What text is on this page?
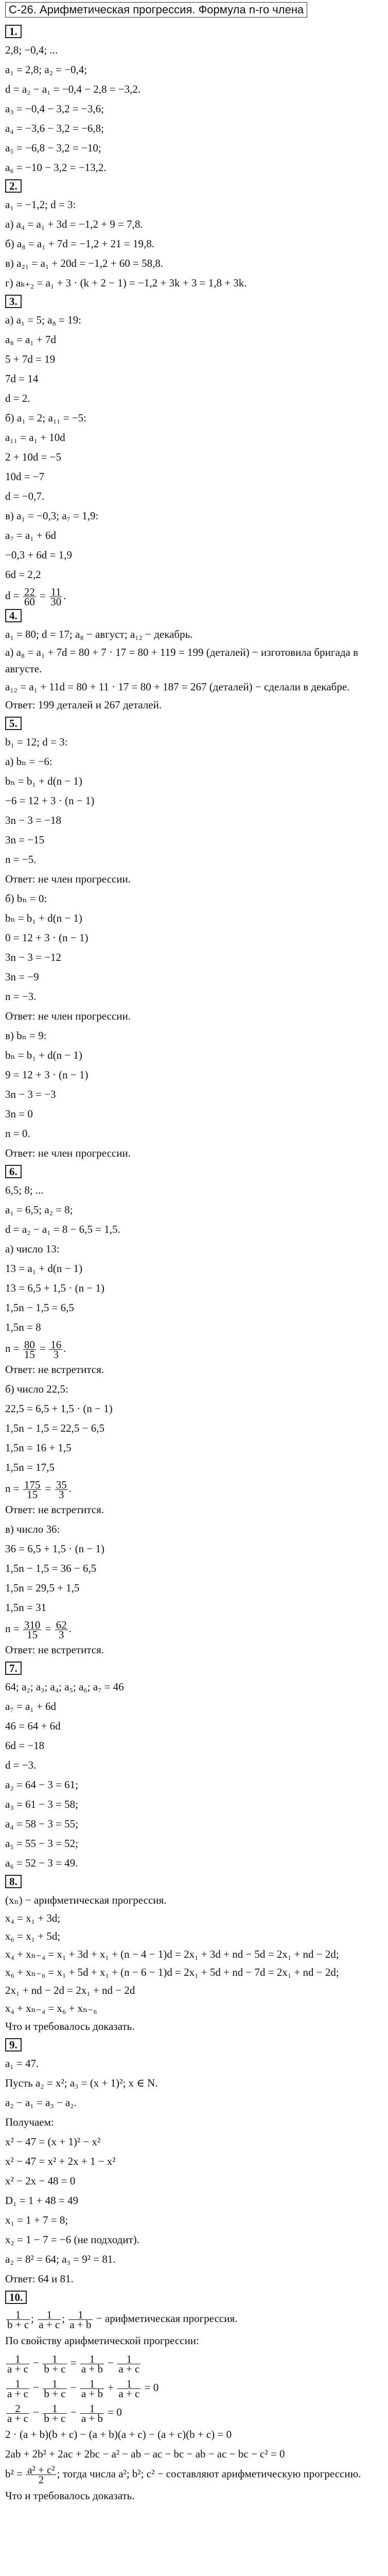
C-26. Арифметическая прогрессия. Формула n-го члена
1.
2,8; −0,4; ...
a₁ = 2,8; a₂ = −0,4;
d = a₂ − a₁ = −0,4 − 2,8 = −3,2.
a₃ = −0,4 − 3,2 = −3,6;
a₄ = −3,6 − 3,2 = −6,8;
a₅ = −6,8 − 3,2 = −10;
a₆ = −10 − 3,2 = −13,2.
2.
a₁ = −1,2; d = 3:
а) a₄ = a₁ + 3d = −1,2 + 9 = 7,8.
б) a₈ = a₁ + 7d = −1,2 + 21 = 19,8.
в) a₂₁ = a₁ + 20d = −1,2 + 60 = 58,8.
г) aₖ₊₂ = a₁ + 3 · (k + 2 − 1) = −1,2 + 3k + 3 = 1,8 + 3k.
3.
а) a₁ = 5; a₈ = 19:
a₈ = a₁ + 7d
5 + 7d = 19
7d = 14
d = 2.
б) a₁ = 2; a₁₁ = −5:
a₁₁ = a₁ + 10d
2 + 10d = −5
10d = −7
d = −0,7.
в) a₁ = −0,3; a₇ = 1,9:
a₇ = a₁ + 6d
−0,3 + 6d = 1,9
6d = 2,2
$d = \frac{22}{60} = \frac{11}{30}$ .
4.
a₁ = 80; d = 17; a₈ − август; a₁₂ − декабрь.
а) a₈ = a₁ + 7d = 80 + 7 · 17 = 80 + 119 = 199 (деталей) − изготовила бригада в августе.
a₁₂ = a₁ + 11d = 80 + 11 · 17 = 80 + 187 = 267 (деталей) − сделали в декабре.
Ответ: 199 деталей и 267 деталей.
5.
b₁ = 12; d = 3:
а) bₙ = −6:
bₙ = b₁ + d(n − 1)
−6 = 12 + 3 · (n − 1)
3n − 3 = −18
3n = −15
n = −5.
Ответ: не член прогрессии.
б) bₙ = 0:
bₙ = b₁ + d(n − 1)
0 = 12 + 3 · (n − 1)
3n − 3 = −12
3n = −9
n = −3.
Ответ: не член прогрессии.
в) bₙ = 9:
bₙ = b₁ + d(n − 1)
9 = 12 + 3 · (n − 1)
3n − 3 = −3
3n = 0
n = 0.
Ответ: не член прогрессии.
6.
6,5; 8; ...
a₁ = 6,5; a₂ = 8;
d = a₂ − a₁ = 8 − 6,5 = 1,5.
а) число 13:
13 = a₁ + d(n − 1)
13 = 6,5 + 1,5 · (n − 1)
1,5n − 1,5 = 6,5
1,5n = 8
$n = \frac{80}{15} = \frac{16}{3}$ .
Ответ: не встретится.
б) число 22,5:
22,5 = 6,5 + 1,5 · (n − 1)
1,5n − 1,5 = 22,5 − 6,5
1,5n = 16 + 1,5
1,5n = 17,5
$n = \frac{175}{15} = \frac{35}{3}$ .
Ответ: не встретится.
в) число 36:
36 = 6,5 + 1,5 · (n − 1)
1,5n − 1,5 = 36 − 6,5
1,5n = 29,5 + 1,5
1,5n = 31
$n = \frac{310}{15} = \frac{62}{3}$ .
Ответ: не встретится.
7.
64; a₂; a₃; a₄; a₅; a₆; a₇ = 46
a₇ = a₁ + 6d
46 = 64 + 6d
6d = −18
d = −3.
a₂ = 64 − 3 = 61;
a₃ = 61 − 3 = 58;
a₄ = 58 − 3 = 55;
a₅ = 55 − 3 = 52;
a₆ = 52 − 3 = 49.
8.
(xₙ) − арифметическая прогрессия.
x₄ = x₁ + 3d;
x₆ = x₁ + 5d;
x₄ + xₙ₋₄ = x₁ + 3d + x₁ + (n − 4 − 1)d = 2x₁ + 3d + nd − 5d = 2x₁ + nd − 2d;
x₆ + xₙ₋₆ = x₁ + 5d + x₁ + (n − 6 − 1)d = 2x₁ + 5d + nd − 7d = 2x₁ + nd − 2d;
2x₁ + nd − 2d = 2x₁ + nd − 2d
x₄ + xₙ₋₄ = x₆ + xₙ₋₆
Что и требовалось доказать.
9.
a₁ = 47.
Пусть a₂ = x²; a₃ = (x + 1)²; x ∈ N.
a₂ − a₁ = a₃ − a₂.
Получаем:
x² − 47 = (x + 1)² − x²
x² − 47 = x² + 2x + 1 − x²
x² − 2x − 48 = 0
D₁ = 1 + 48 = 49
x₁ = 1 + 7 = 8;
x₂ = 1 − 7 = −6 (не подходит).
a₂ = 8² = 64; a₃ = 9² = 81.
Ответ: 64 и 81.
10.
$\frac{1}{b + c}$ ; $\frac{1}{a + c}$ ; $\frac{1}{a + b}$ − арифметическая прогрессия.
По свойству арифметической прогрессии:
$\frac{1}{a + c} - \frac{1}{b + c} = \frac{1}{a + b} - \frac{1}{a + c}$
$\frac{1}{a + c} - \frac{1}{b + c} - \frac{1}{a + b} + \frac{1}{a + c} = 0$
$\frac{2}{a + c} - \frac{1}{b + c} - \frac{1}{a + b} = 0$
2 · (a + b)(b + c) − (a + b)(a + c) − (a + c)(b + c) = 0
2ab + 2b² + 2ac + 2bc − a² − ab − ac − bc − ab − ac − bc − c² = 0
$b^2 = \frac{\text{a² + c²}}{2}$ ; тогда числа a²; b²; c² − составляют арифметическую прогрессию.
Что и требовалось доказать.
